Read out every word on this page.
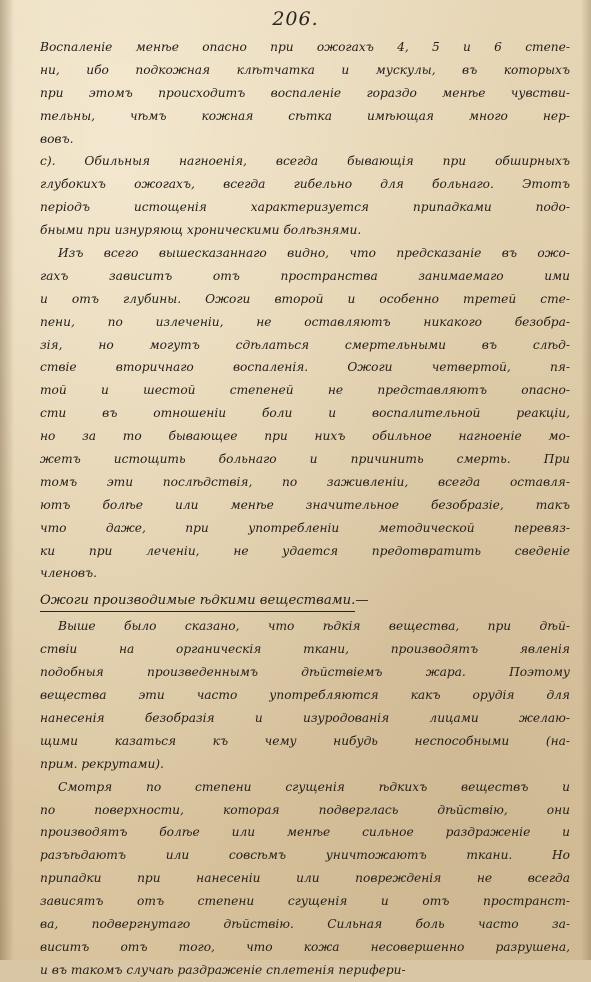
206.
Воспаленіе менѣе опасно при ожогахъ 4, 5 и 6 степе-
ни, ибо подкожная клѣтчатка и мускулы, въ которыхъ
при этомъ происходитъ воспаленіе гораздо менѣе чувстви-
тельны, чѣмъ кожная сѣтка имѣющая много нер-
вовъ.
с). Обильныя нагноенія, всегда бывающія при обширныхъ
глубокихъ ожогахъ, всегда гибельно для больнаго. Этотъ
періодъ истощенія характеризуется припадками подо-
бными при изнуряющ хроническими болѣзнями.
Изъ всего вышесказаннаго видно, что предсказаніе въ ожо-
гахъ зависитъ отъ пространства занимаемаго ими
и отъ глубины. Ожоги второй и особенно третей сте-
пени, по излеченіи, не оставляютъ никакого безобра-
зія, но могутъ сдѣлаться смертельными въ слѣд-
ствіе вторичнаго воспаленія. Ожоги четвертой, пя-
той и шестой степеней не представляютъ опасно-
сти въ отношеніи боли и воспалительной реакціи,
но за то бывающее при нихъ обильное нагноеніе мо-
жетъ истощить больнаго и причинить смерть. При
томъ эти послѣдствія, по заживленіи, всегда оставля-
ютъ болѣе или менѣе значительное безобразіе, такъ
что даже, при употребленіи методической перевяз-
ки при леченіи, не удается предотвратить сведеніе
членовъ.
Ожоги производимые ѣдкими веществами.—
Выше было сказано, что ѣдкія вещества, при дѣй-
ствіи на органическія ткани, производятъ явленія
подобныя произведеннымъ дѣйствіемъ жара. Поэтому
вещества эти часто употребляются какъ орудія для
нанесенія безобразія и изуродованія лицами желаю-
щими казаться къ чему нибудь неспособными (на-
прим. рекрутами).
Смотря по степени сгущенія ѣдкихъ веществъ и
по поверхности, которая подверглась дѣйствію, они
производятъ болѣе или менѣе сильное раздраженіе и
разъѣдаютъ или совсѣмъ уничтожаютъ ткани. Но
припадки при нанесеніи или поврежденія не всегда
зависятъ отъ степени сгущенія и отъ пространст-
ва, подвергнутаго дѣйствію. Сильная боль часто за-
виситъ отъ того, что кожа несовершенно разрушена,
и въ такомъ случаѣ раздраженіе сплетенія перифери-
